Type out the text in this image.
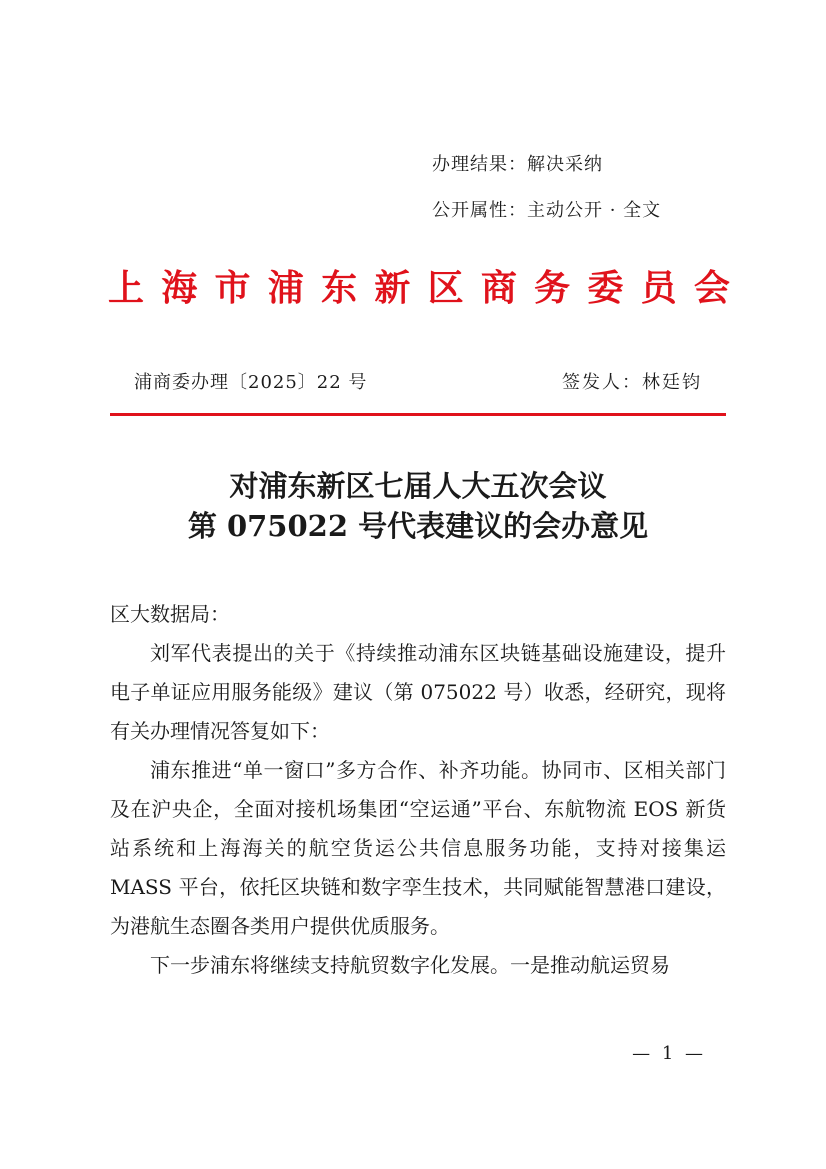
办理结果：解决采纳
公开属性：主动公开 · 全文
上 海 市 浦 东 新 区 商 务 委 员 会
浦商委办理〔2025〕22 号	签发人：林廷钧
对浦东新区七届人大五次会议
第 075022 号代表建议的会办意见

区大数据局：

刘军代表提出的关于《持续推动浦东区块链基础设施建设，提升电子单证应用服务能级》建议（第 075022 号）收悉，经研究，现将有关办理情况答复如下：

浦东推进“单一窗口”多方合作、补齐功能。协同市、区相关部门及在沪央企，全面对接机场集团“空运通”平台、东航物流 EOS 新货站系统和上海海关的航空货运公共信息服务功能，支持对接集运 MASS 平台，依托区块链和数字孪生技术，共同赋能智慧港口建设，为港航生态圈各类用户提供优质服务。

下一步浦东将继续支持航贸数字化发展。一是推动航运贸易

— 1 —
